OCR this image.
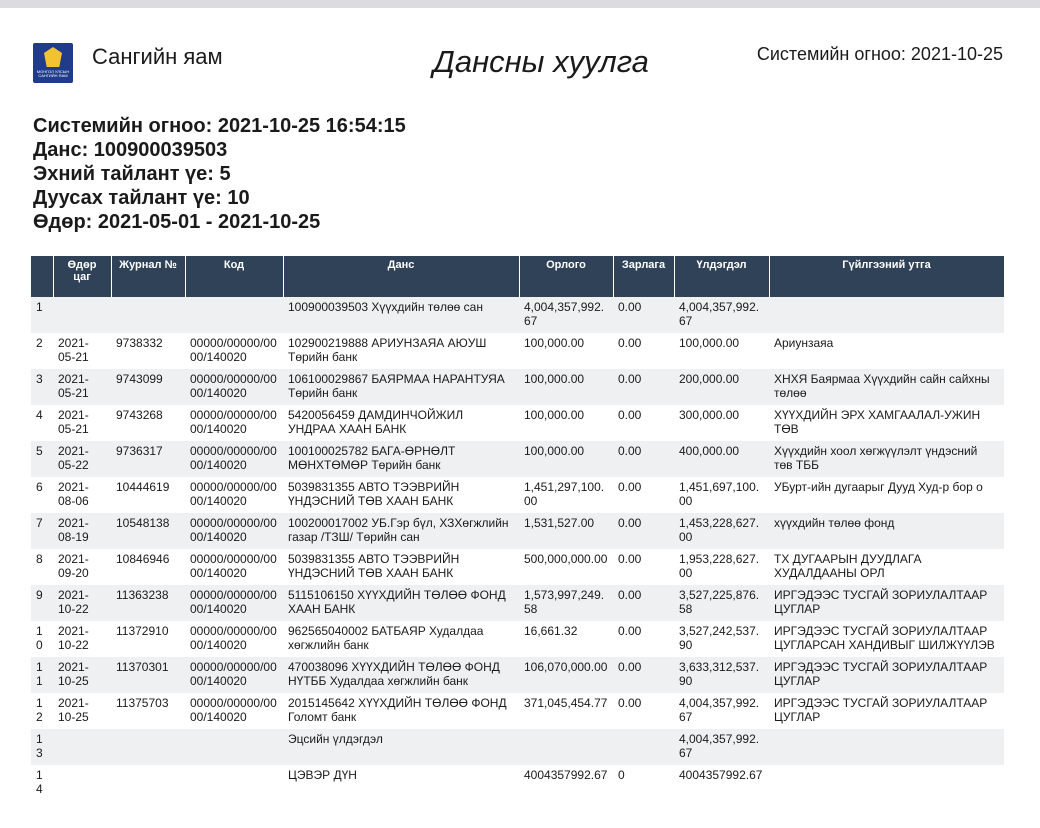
МОНГОЛ УЛСЫН САНГИЙН ЯАМ
Сангийн яам	Дансны хуулга	Системийн огноо: 2021-10-25
Системийн огноо: 2021-10-25 16:54:15
Данс: 100900039503
Эхний тайлант үе: 5
Дуусах тайлант үе: 10
Өдөр: 2021-05-01 - 2021-10-25
	Өдөр цаг	Журнал №	Код	Данс	Орлого	Зарлага	Үлдэгдэл	Гүйлгээний утга
1				100900039503 Хүүхдийн төлөө сан	4,004,357,992.67	0.00	4,004,357,992.67	
2	2021-05-21	9738332	00000/00000/0000/140020	102900219888 АРИУНЗАЯА АЮУШ Төрийн банк	100,000.00	0.00	100,000.00	Ариунзаяа
3	2021-05-21	9743099	00000/00000/0000/140020	106100029867 БАЯРМАА НАРАНТУЯА Төрийн банк	100,000.00	0.00	200,000.00	ХНХЯ Баярмаа Хүүхдийн сайн сайхны төлөө
4	2021-05-21	9743268	00000/00000/0000/140020	5420056459 ДАМДИНЧОЙЖИЛ УНДРАА ХААН БАНК	100,000.00	0.00	300,000.00	ХҮҮХДИЙН ЭРХ ХАМГААЛАЛ-УЖИН ТӨВ
5	2021-05-22	9736317	00000/00000/0000/140020	100100025782 БАГА-ӨРНӨЛТ МӨНХТӨМӨР Төрийн банк	100,000.00	0.00	400,000.00	Хүүхдийн хоол хөгжүүлэлт үндэсний төв ТББ
6	2021-08-06	10444619	00000/00000/0000/140020	5039831355 АВТО ТЭЭВРИЙН ҮНДЭСНИЙ ТӨВ ХААН БАНК	1,451,297,100.00	0.00	1,451,697,100.00	УБурт-ийн дугаарыг Дууд Худ-р бор о
7	2021-08-19	10548138	00000/00000/0000/140020	100200017002 УБ.Гэр бүл, ХЗХөгжлийн газар /ТЗШ/ Төрийн сан	1,531,527.00	0.00	1,453,228,627.00	хүүхдийн төлөө фонд
8	2021-09-20	10846946	00000/00000/0000/140020	5039831355 АВТО ТЭЭВРИЙН ҮНДЭСНИЙ ТӨВ ХААН БАНК	500,000,000.00	0.00	1,953,228,627.00	ТХ ДУГААРЫН ДУУДЛАГА ХУДАЛДААНЫ ОРЛ
9	2021-10-22	11363238	00000/00000/0000/140020	5115106150 ХҮҮХДИЙН ТӨЛӨӨ ФОНД ХААН БАНК	1,573,997,249.58	0.00	3,527,225,876.58	ИРГЭДЭЭС ТУСГАЙ ЗОРИУЛАЛТААР ЦУГЛАР
10	2021-10-22	11372910	00000/00000/0000/140020	962565040002 БАТБАЯР Худалдаа хөгжлийн банк	16,661.32	0.00	3,527,242,537.90	ИРГЭДЭЭС ТУСГАЙ ЗОРИУЛАЛТААР ЦУГЛАРСАН ХАНДИВЫГ ШИЛЖҮҮЛЭВ
11	2021-10-25	11370301	00000/00000/0000/140020	470038096 ХҮҮХДИЙН ТӨЛӨӨ ФОНД НҮТББ Худалдаа хөгжлийн банк	106,070,000.00	0.00	3,633,312,537.90	ИРГЭДЭЭС ТУСГАЙ ЗОРИУЛАЛТААР ЦУГЛАР
12	2021-10-25	11375703	00000/00000/0000/140020	2015145642 ХҮҮХДИЙН ТӨЛӨӨ ФОНД Голомт банк	371,045,454.77	0.00	4,004,357,992.67	ИРГЭДЭЭС ТУСГАЙ ЗОРИУЛАЛТААР ЦУГЛАР
13				Эцсийн үлдэгдэл			4,004,357,992.67	
14				ЦЭВЭР ДҮН	4004357992.67	0	4004357992.67	
